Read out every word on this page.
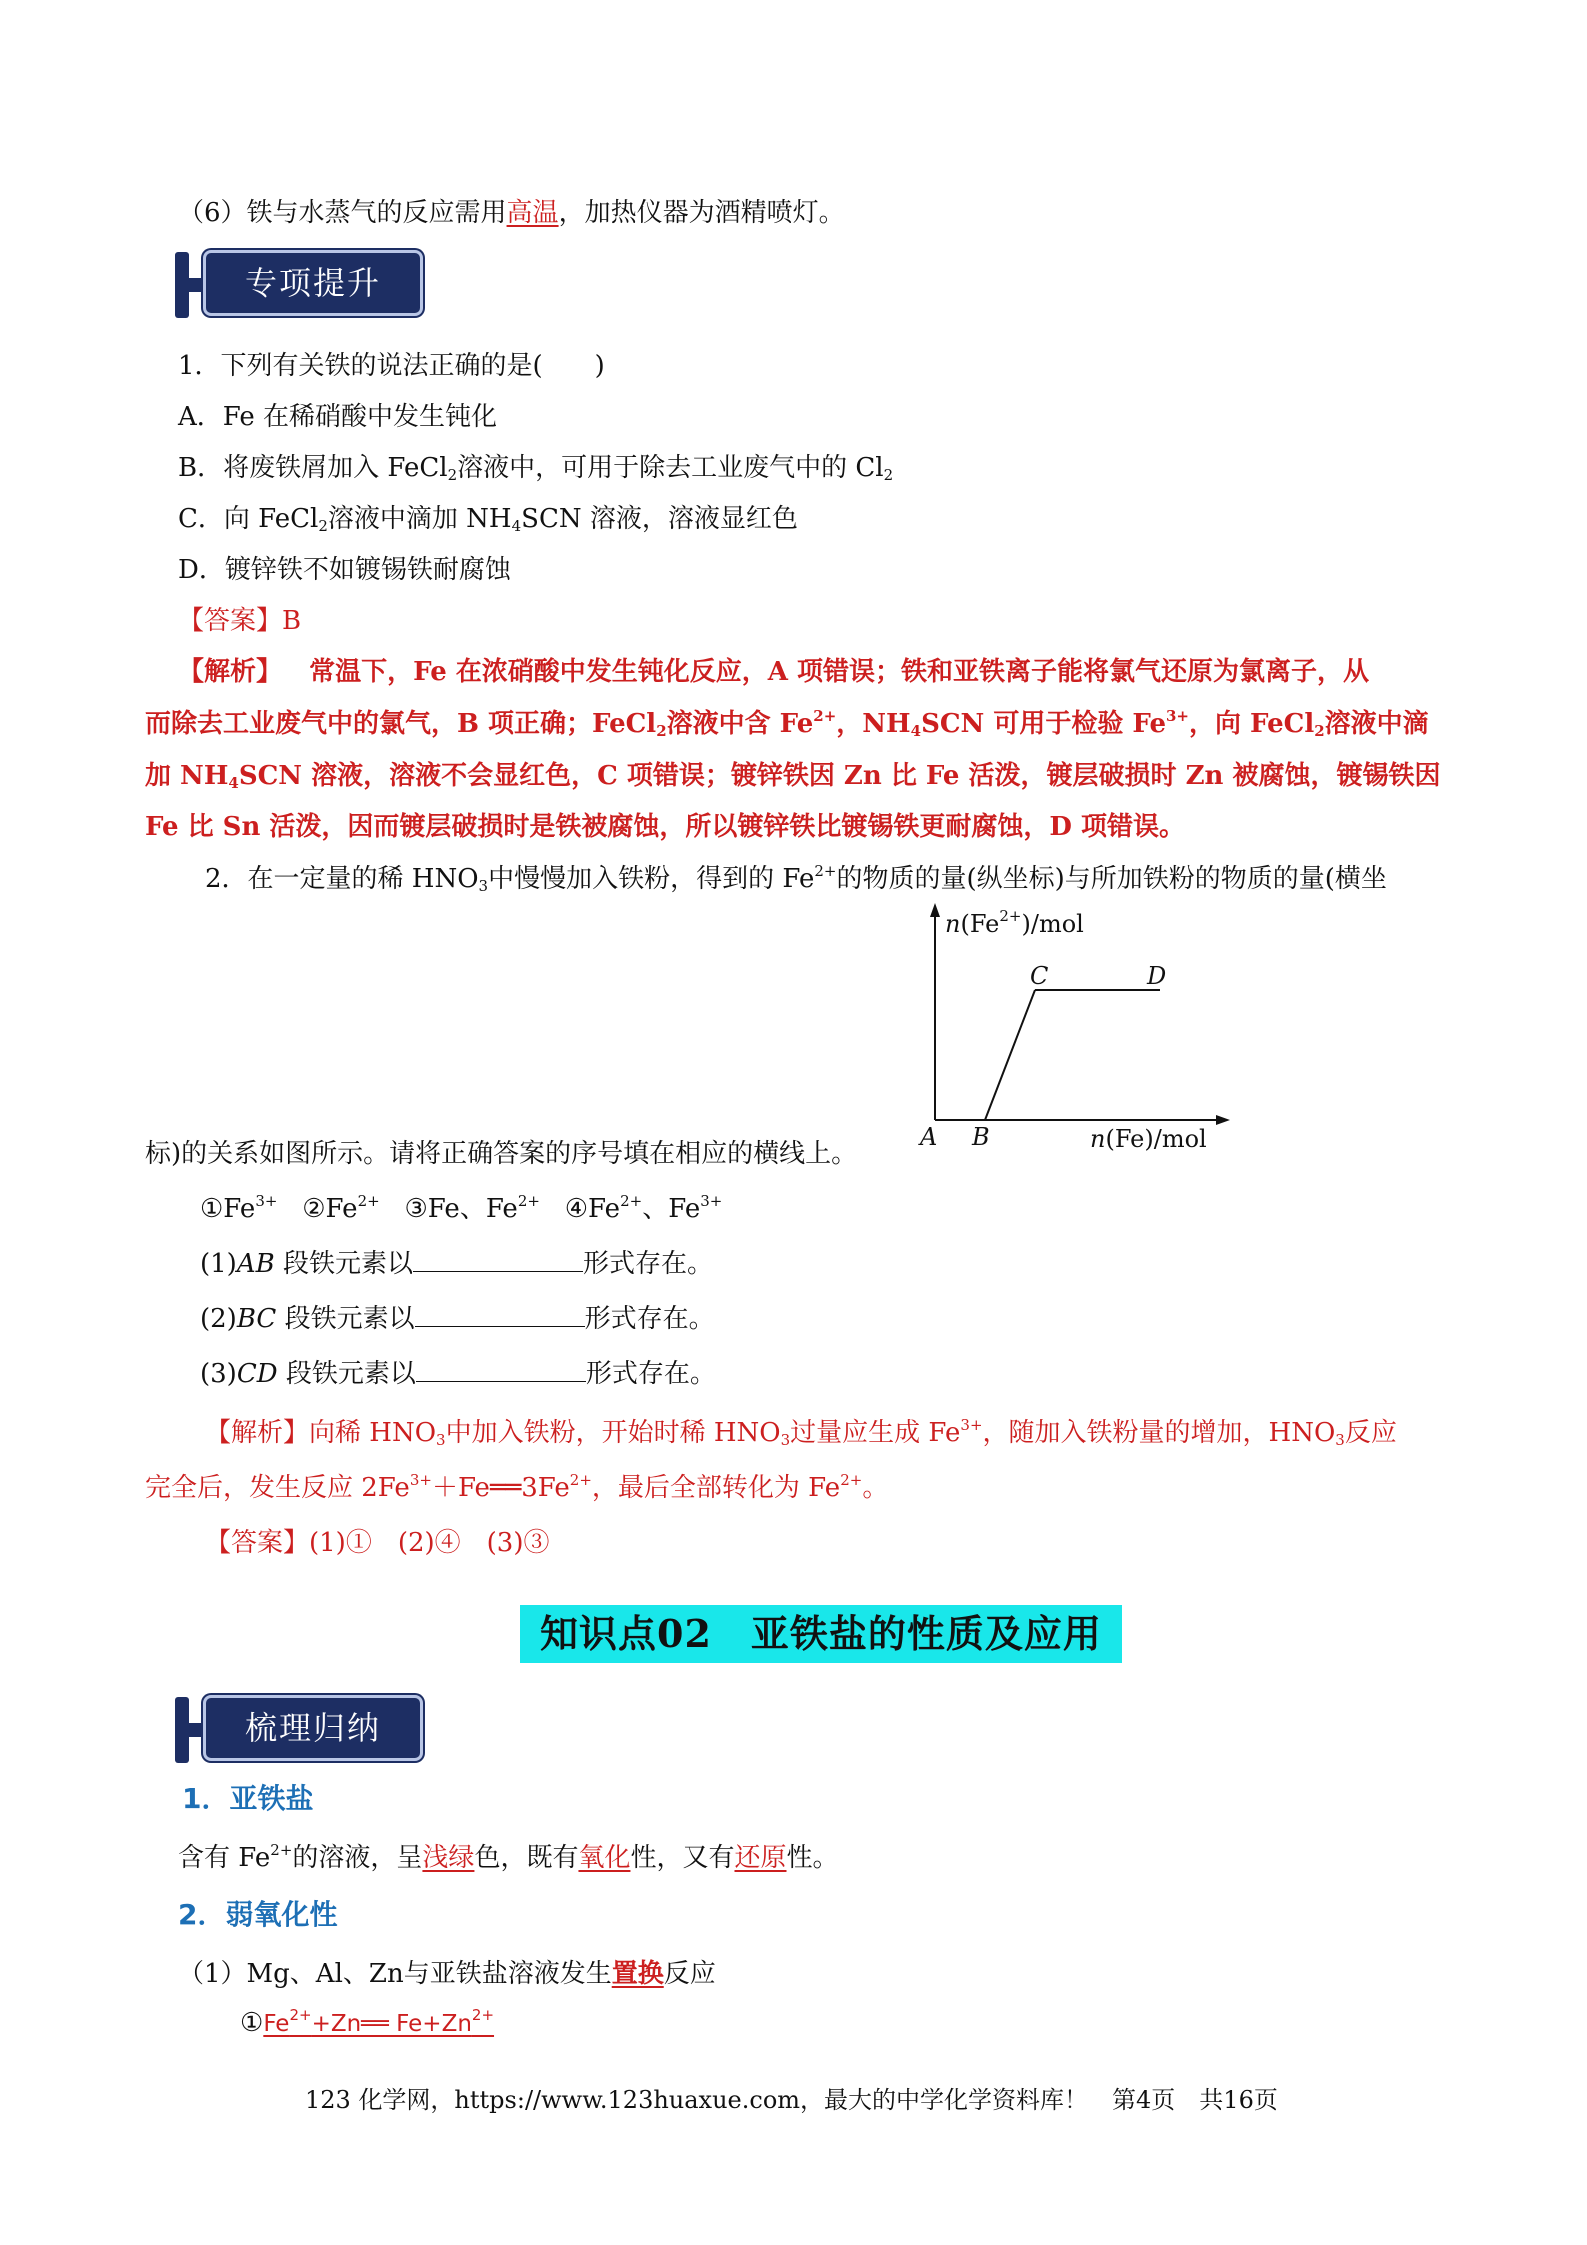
（6）铁与水蒸气的反应需用高温，加热仪器为酒精喷灯。
专项提升
1．下列有关铁的说法正确的是(　　)
A．Fe 在稀硝酸中发生钝化
B．将废铁屑加入 FeCl$_2$溶液中，可用于除去工业废气中的 $Cl_2$
C．向 FeCl$_2$溶液中滴加 $NH_4SCN$ 溶液，溶液显红色
D．镀锌铁不如镀锡铁耐腐蚀
【答案】B
【解析】 常温下，Fe 在浓硝酸中发生钝化反应，A 项错误；铁和亚铁离子能将氯气还原为氯离子，从
而除去工业废气中的氯气，B 项正确；FeCl$_2$溶液中含 $Fe^{2+}$，$NH_4SCN$ 可用于检验 $Fe^{3+}$，向 FeCl$_2$溶液中滴
加 $NH_4SCN$ 溶液，溶液不会显红色，C 项错误；镀锌铁因 Zn 比 Fe 活泼，镀层破损时 Zn 被腐蚀，镀锡铁因
Fe 比 Sn 活泼，因而镀层破损时是铁被腐蚀，所以镀锌铁比镀锡铁更耐腐蚀，D 项错误。
2．在一定量的稀 $HNO_3$中慢慢加入铁粉，得到的 $Fe^{2+}$的物质的量(纵坐标)与所加铁粉的物质的量(横坐
$n(Fe^{2+})$/mol
C	D
A B	n(Fe)/mol
标)的关系如图所示。请将正确答案的序号填在相应的横线上。
$①Fe^{3+}$ $②Fe^{2+}$ ③Fe、$Fe^{2+}$ $④Fe^{2+}$、$Fe^{3+}$
(1)AB 段铁元素以	形式存在。
(2)BC 段铁元素以	形式存在。
(3)CD 段铁元素以	形式存在。
【解析】向稀 $HNO_3$中加入铁粉，开始时稀 $HNO_3$过量应生成 $Fe^{3+}$，随加入铁粉量的增加，$HNO_3$反应
完全后，发生反应 $2Fe^{3+}+Fe══3Fe^{2+}$，最后全部转化为 $Fe^{2+}$。
【答案】(1)①　(2)④　(3)③
知识点02　亚铁盐的性质及应用
梳理归纳
1．亚铁盐
含有 $Fe^{2+}$的溶液，呈浅绿色，既有氧化性，又有还原性。
2．弱氧化性
（1）Mg、Al、Zn与亚铁盐溶液发生置换反应
$①Fe^{2+}+Zn══$ $Fe+Zn^{2+}$
123 化学网，https://www.123huaxue.com，最大的中学化学资料库！　第4页　共16页
